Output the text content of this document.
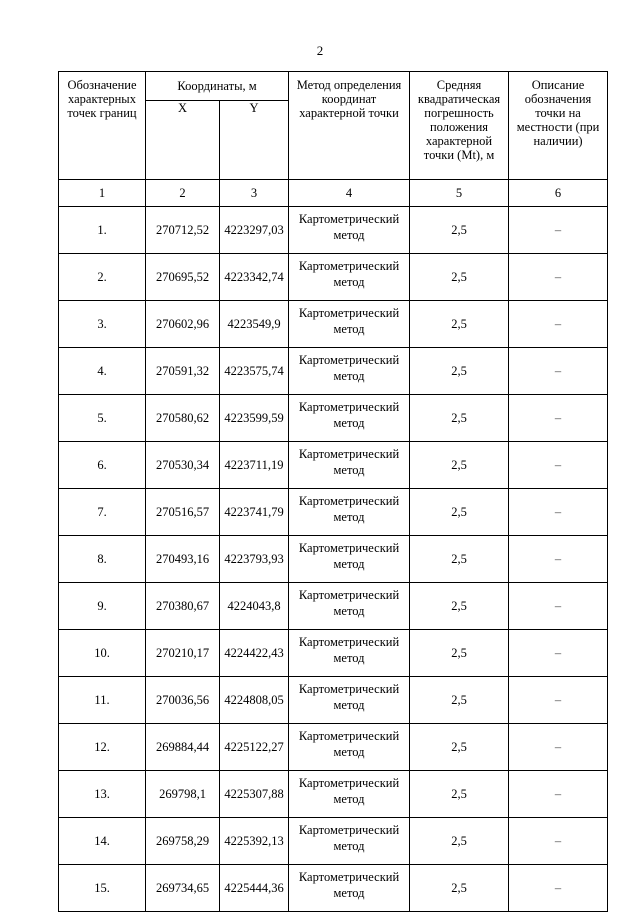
2
Обозначение характерных точек границ	Координаты, м		Метод определения координат характерной точки	Средняя квадратическая погрешность положения характерной точки (Mt), м	Описание обозначения точки на местности (при наличии)
	X	Y			
1	2	3	4	5	6
1.	270712,52	4223297,03	Картометрический метод	2,5	–
2.	270695,52	4223342,74	Картометрический метод	2,5	–
3.	270602,96	4223549,9	Картометрический метод	2,5	–
4.	270591,32	4223575,74	Картометрический метод	2,5	–
5.	270580,62	4223599,59	Картометрический метод	2,5	–
6.	270530,34	4223711,19	Картометрический метод	2,5	–
7.	270516,57	4223741,79	Картометрический метод	2,5	–
8.	270493,16	4223793,93	Картометрический метод	2,5	–
9.	270380,67	4224043,8	Картометрический метод	2,5	–
10.	270210,17	4224422,43	Картометрический метод	2,5	–
11.	270036,56	4224808,05	Картометрический метод	2,5	–
12.	269884,44	4225122,27	Картометрический метод	2,5	–
13.	269798,1	4225307,88	Картометрический метод	2,5	–
14.	269758,29	4225392,13	Картометрический метод	2,5	–
15.	269734,65	4225444,36	Картометрический метод	2,5	–
